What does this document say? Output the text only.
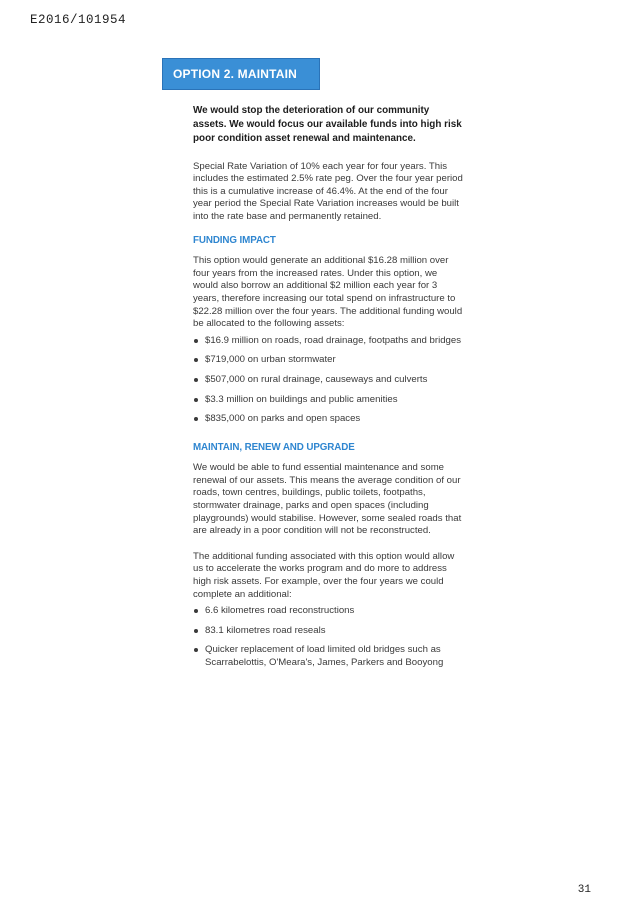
E2016/101954
OPTION 2. MAINTAIN

We would stop the deterioration of our community assets. We would focus our available funds into high risk poor condition asset renewal and maintenance.

Special Rate Variation of 10% each year for four years. This includes the estimated 2.5% rate peg. Over the four year period this is a cumulative increase of 46.4%. At the end of the four year period the Special Rate Variation increases would be built into the rate base and permanently retained.

FUNDING IMPACT

This option would generate an additional $16.28 million over four years from the increased rates. Under this option, we would also borrow an additional $2 million each year for 3 years, therefore increasing our total spend on infrastructure to $22.28 million over the four years. The additional funding would be allocated to the following assets:

$16.9 million on roads, road drainage, footpaths and bridges
$719,000 on urban stormwater
$507,000 on rural drainage, causeways and culverts
$3.3 million on buildings and public amenities
$835,000 on parks and open spaces
MAINTAIN, RENEW AND UPGRADE

We would be able to fund essential maintenance and some renewal of our assets. This means the average condition of our roads, town centres, buildings, public toilets, footpaths, stormwater drainage, parks and open spaces (including playgrounds) would stabilise. However, some sealed roads that are already in a poor condition will not be reconstructed.

The additional funding associated with this option would allow us to accelerate the works program and do more to address high risk assets. For example, over the four years we could complete an additional:

6.6 kilometres road reconstructions
83.1 kilometres road reseals
Quicker replacement of load limited old bridges such as Scarrabelottis, O'Meara's, James, Parkers and Booyong
31
